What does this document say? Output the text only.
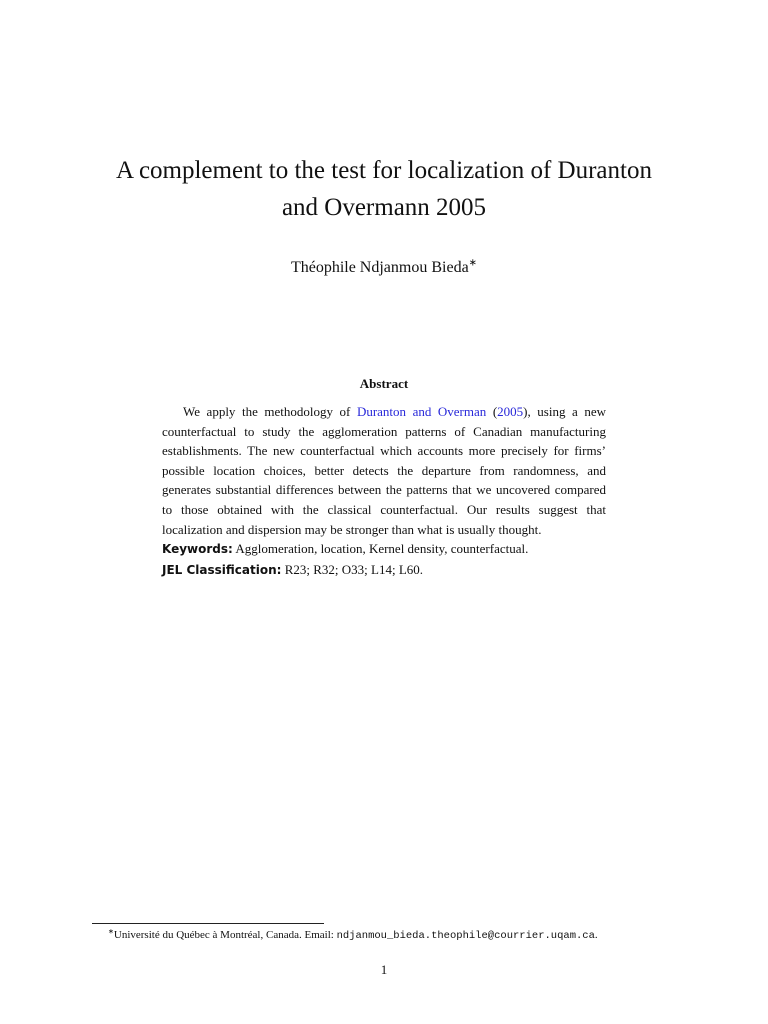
A complement to the test for localization of Duranton
and Overmann 2005
Théophile Ndjanmou Bieda∗
Abstract

We apply the methodology of Duranton and Overman (2005), using a new counterfactual to study the agglomeration patterns of Canadian manufacturing establishments. The new counterfactual which accounts more precisely for firms’ possible location choices, better detects the departure from randomness, and generates substantial differences between the patterns that we uncovered compared to those obtained with the classical counterfactual. Our results suggest that localization and dispersion may be stronger than what is usually thought.

Keywords: Agglomeration, location, Kernel density, counterfactual.

JEL Classification: R23; R32; O33; L14; L60.

∗Université du Québec à Montréal, Canada. Email: ndjanmou_bieda.theophile@courrier.uqam.ca.
1
